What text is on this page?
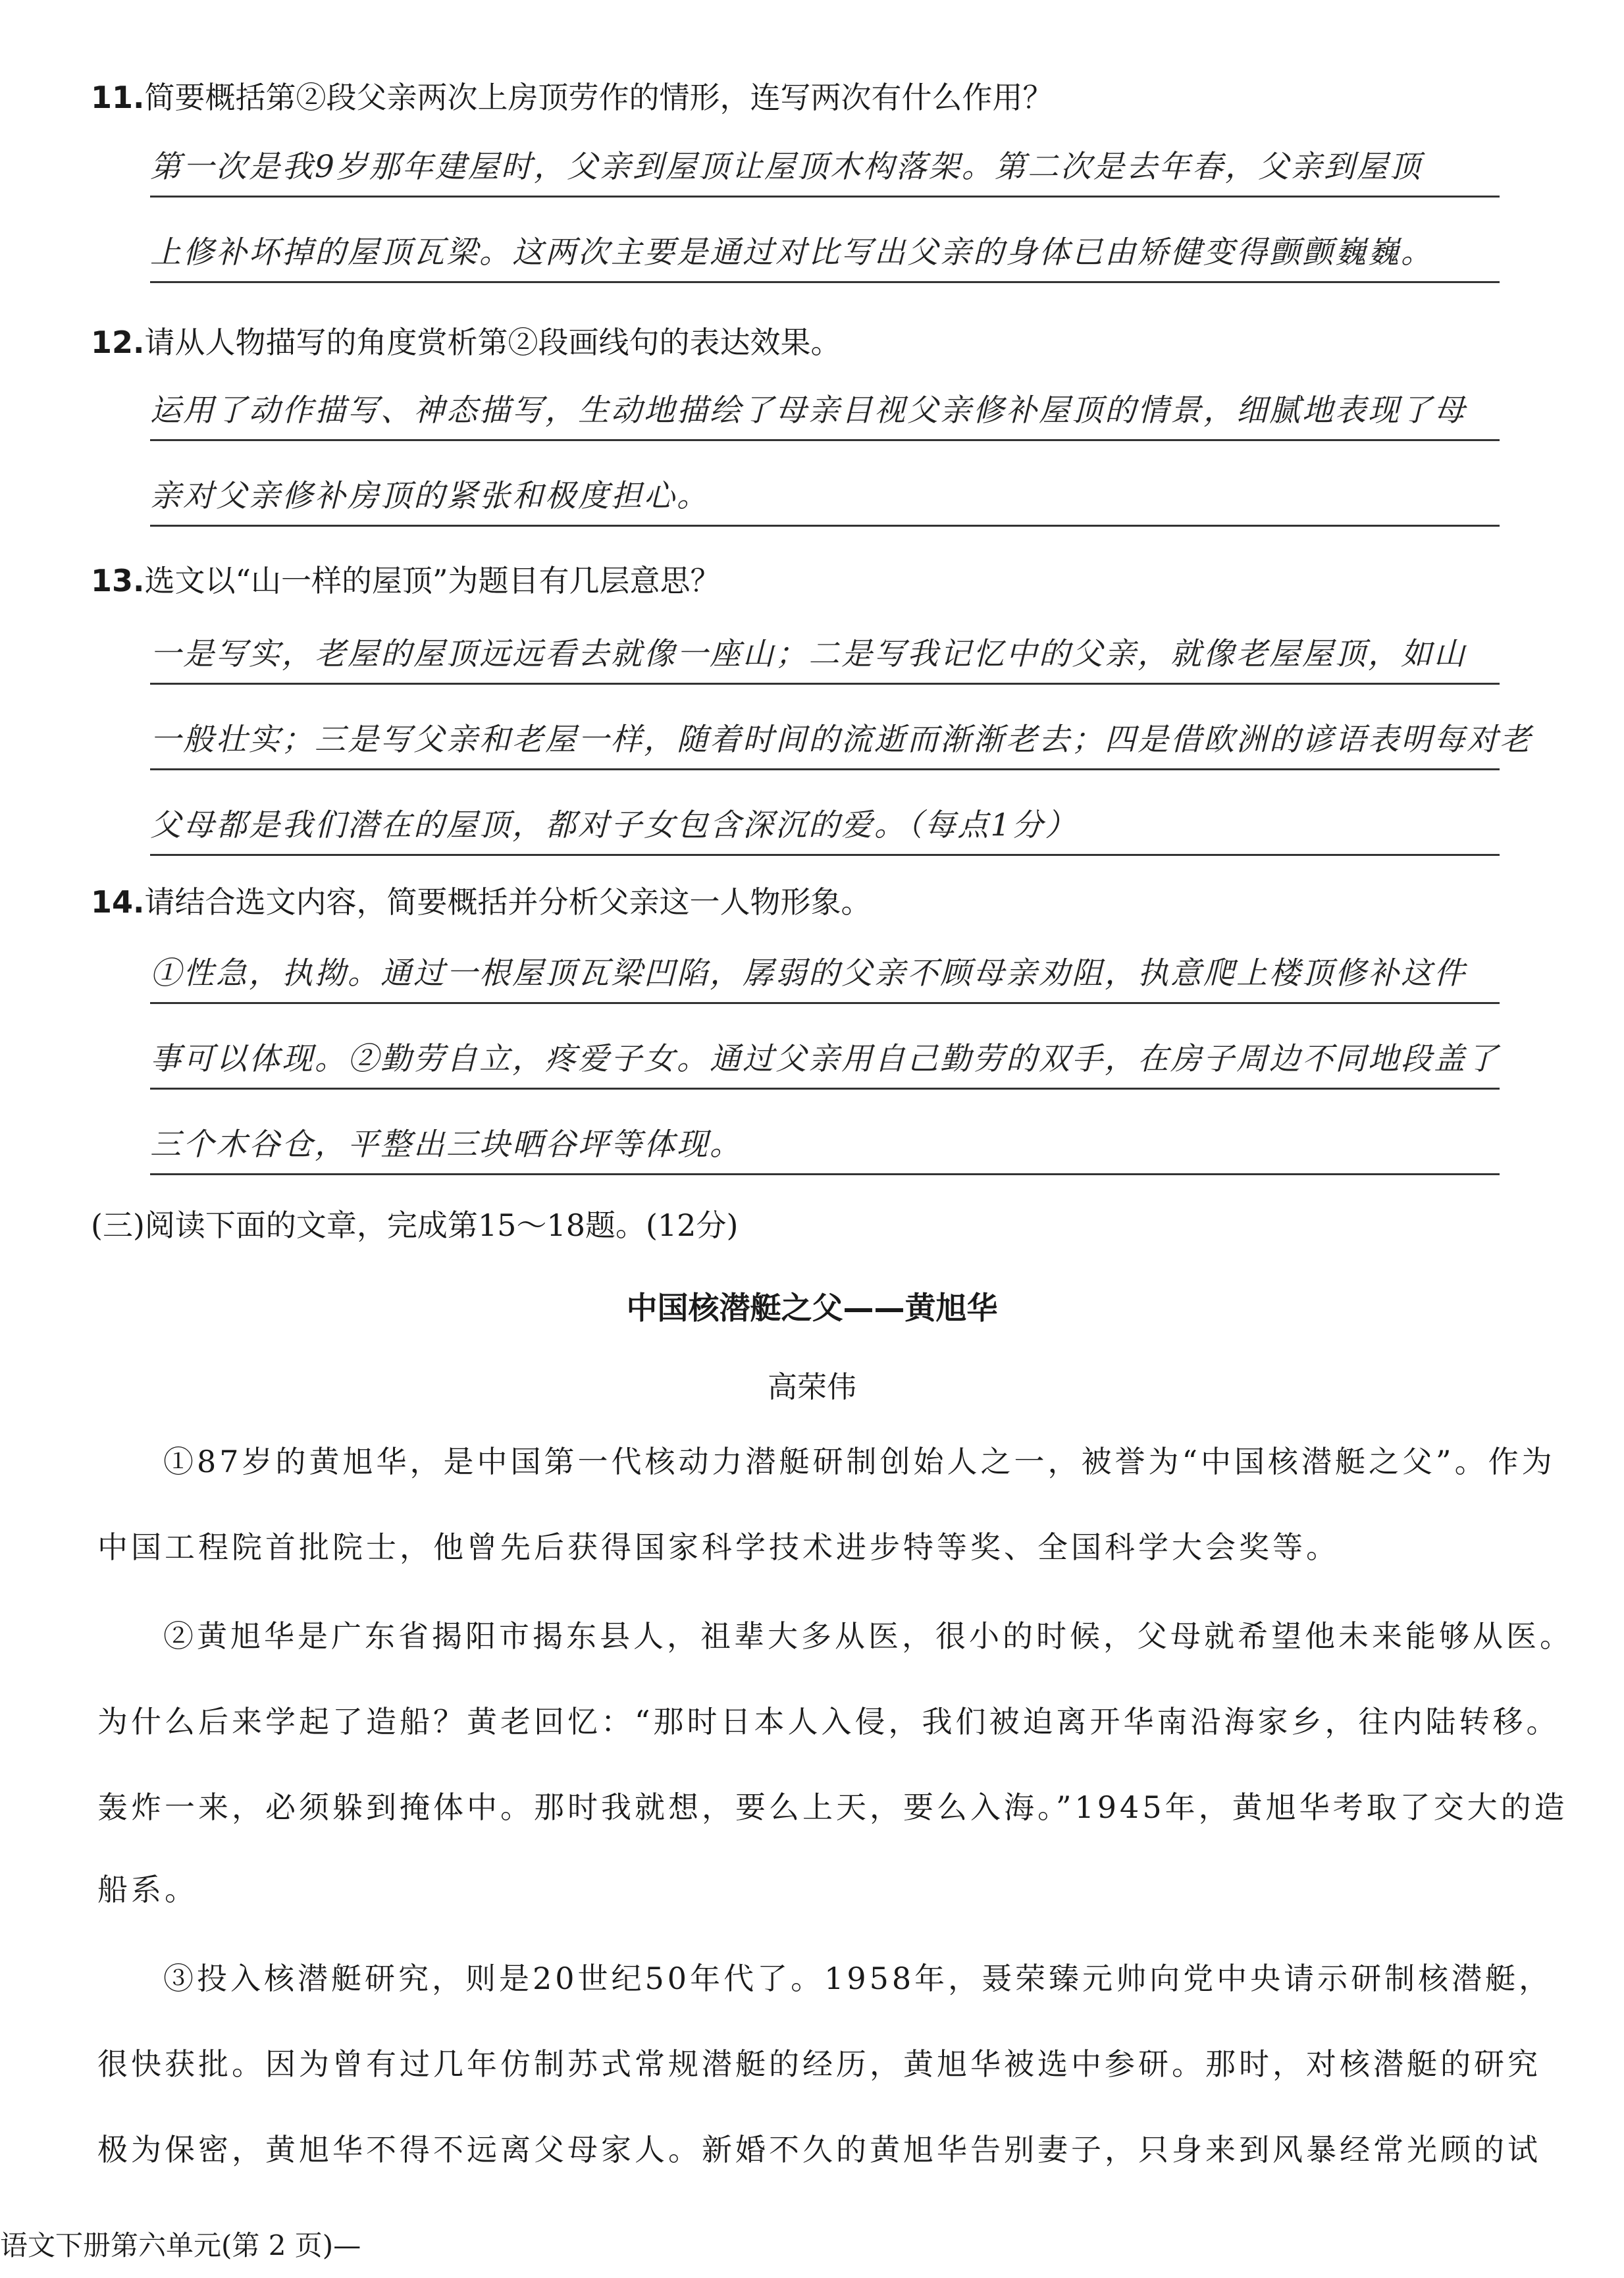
11.简要概括第②段父亲两次上房顶劳作的情形，连写两次有什么作用？
第一次是我9岁那年建屋时，父亲到屋顶让屋顶木构落架。第二次是去年春，父亲到屋顶
上修补坏掉的屋顶瓦梁。这两次主要是通过对比写出父亲的身体已由矫健变得颤颤巍巍。
12.请从人物描写的角度赏析第②段画线句的表达效果。
运用了动作描写、神态描写，生动地描绘了母亲目视父亲修补屋顶的情景，细腻地表现了母
亲对父亲修补房顶的紧张和极度担心。
13.选文以“山一样的屋顶”为题目有几层意思？
一是写实，老屋的屋顶远远看去就像一座山；二是写我记忆中的父亲，就像老屋屋顶，如山
一般壮实；三是写父亲和老屋一样，随着时间的流逝而渐渐老去；四是借欧洲的谚语表明每对老
父母都是我们潜在的屋顶，都对子女包含深沉的爱。（每点1分）
14.请结合选文内容，简要概括并分析父亲这一人物形象。
①性急，执拗。通过一根屋顶瓦梁凹陷，孱弱的父亲不顾母亲劝阻，执意爬上楼顶修补这件
事可以体现。②勤劳自立，疼爱子女。通过父亲用自己勤劳的双手，在房子周边不同地段盖了
三个木谷仓，平整出三块晒谷坪等体现。
(三)阅读下面的文章，完成第15～18题。(12分)
中国核潜艇之父——黄旭华
高荣伟
①87岁的黄旭华，是中国第一代核动力潜艇研制创始人之一，被誉为“中国核潜艇之父”。作为
中国工程院首批院士，他曾先后获得国家科学技术进步特等奖、全国科学大会奖等。
②黄旭华是广东省揭阳市揭东县人，祖辈大多从医，很小的时候，父母就希望他未来能够从医。
为什么后来学起了造船？黄老回忆：“那时日本人入侵，我们被迫离开华南沿海家乡，往内陆转移。
轰炸一来，必须躲到掩体中。那时我就想，要么上天，要么入海。”1945年，黄旭华考取了交大的造
船系。
③投入核潜艇研究，则是20世纪50年代了。1958年，聂荣臻元帅向党中央请示研制核潜艇，
很快获批。因为曾有过几年仿制苏式常规潜艇的经历，黄旭华被选中参研。那时，对核潜艇的研究
极为保密，黄旭华不得不远离父母家人。新婚不久的黄旭华告别妻子，只身来到风暴经常光顾的试
语文下册第六单元(第 2 页)—
